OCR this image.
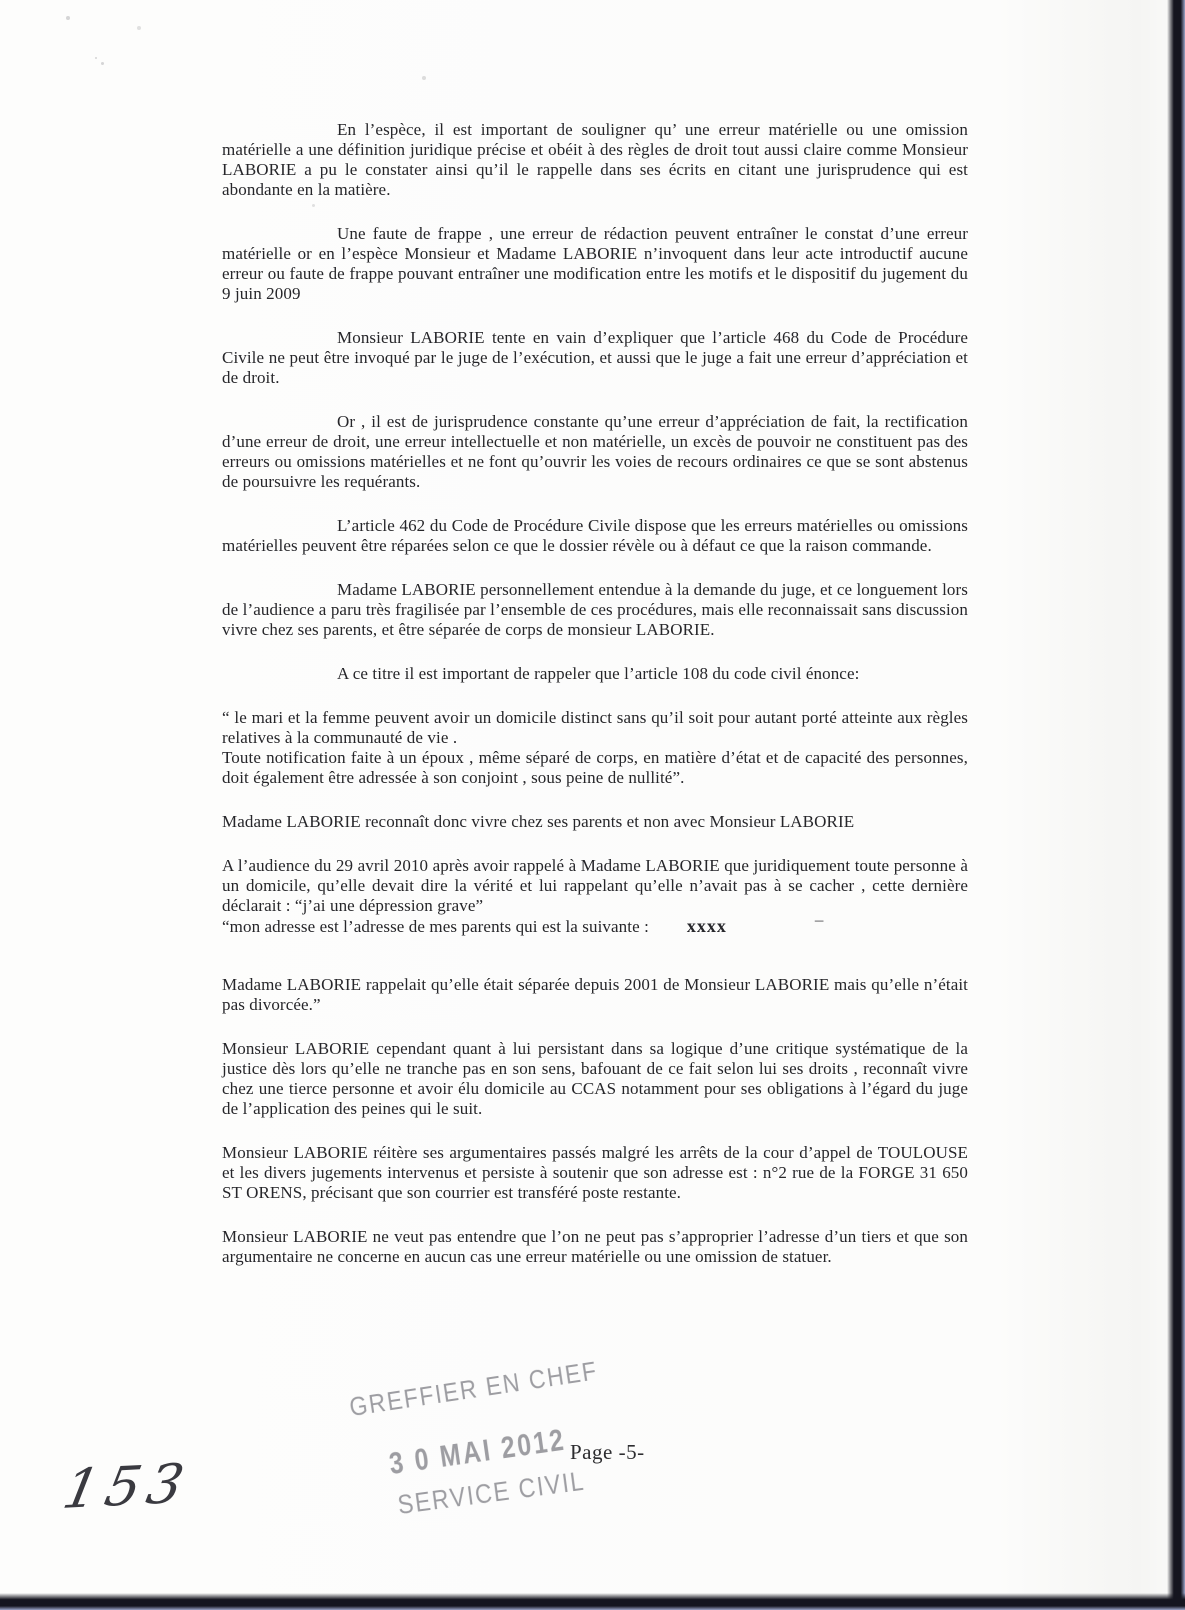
En l’espèce, il est important de souligner qu’ une erreur matérielle ou une omission matérielle a une définition juridique précise et obéit à des règles de droit tout aussi claire comme Monsieur LABORIE a pu le constater ainsi qu’il le rappelle dans ses écrits en citant une jurisprudence qui est abondante en la matière.

Une faute de frappe , une erreur de rédaction peuvent entraîner le constat d’une erreur matérielle or en l’espèce Monsieur et Madame LABORIE n’invoquent dans leur acte introductif aucune erreur ou faute de frappe pouvant entraîner une modification entre les motifs et le dispositif du jugement du 9 juin 2009

Monsieur LABORIE tente en vain d’expliquer que l’article 468 du Code de Procédure Civile ne peut être invoqué par le juge de l’exécution, et aussi que le juge a fait une erreur d’appréciation et de droit.

Or , il est de jurisprudence constante qu’une erreur d’appréciation de fait, la rectification d’une erreur de droit, une erreur intellectuelle et non matérielle, un excès de pouvoir ne constituent pas des erreurs ou omissions matérielles et ne font qu’ouvrir les voies de recours ordinaires ce que se sont abstenus de poursuivre les requérants.

L’article 462 du Code de Procédure Civile dispose que les erreurs matérielles ou omissions matérielles peuvent être réparées selon ce que le dossier révèle ou à défaut ce que la raison commande.

Madame LABORIE personnellement entendue à la demande du juge, et ce longuement lors de l’audience a paru très fragilisée par l’ensemble de ces procédures, mais elle reconnaissait sans discussion vivre chez ses parents, et être séparée de corps de monsieur LABORIE.

A ce titre il est important de rappeler que l’article 108 du code civil énonce:

“ le mari et la femme peuvent avoir un domicile distinct sans qu’il soit pour autant porté atteinte aux règles relatives à la communauté de vie .

Toute notification faite à un époux , même séparé de corps, en matière d’état et de capacité des personnes, doit également être adressée à son conjoint , sous peine de nullité”.

Madame LABORIE reconnaît donc vivre chez ses parents et non avec Monsieur LABORIE

A l’audience du 29 avril 2010 après avoir rappelé à Madame LABORIE que juridiquement toute personne à un domicile, qu’elle devait dire la vérité et lui rappelant qu’elle n’avait pas à se cacher , cette dernière déclarait : “j’ai une dépression grave”

“mon adresse est l’adresse de mes parents qui est la suivante : xxxx	–

Madame LABORIE rappelait qu’elle était séparée depuis 2001 de Monsieur LABORIE mais qu’elle n’était pas divorcée.”

Monsieur LABORIE cependant quant à lui persistant dans sa logique d’une critique systématique de la justice dès lors qu’elle ne tranche pas en son sens, bafouant de ce fait selon lui ses droits , reconnaît vivre chez une tierce personne et avoir élu domicile au CCAS notamment pour ses obligations à l’égard du juge de l’application des peines qui le suit.

Monsieur LABORIE réitère ses argumentaires passés malgré les arrêts de la cour d’appel de TOULOUSE et les divers jugements intervenus et persiste à soutenir que son adresse est : n°2 rue de la FORGE 31 650 ST ORENS, précisant que son courrier est transféré poste restante.

Monsieur LABORIE ne veut pas entendre que l’on ne peut pas s’approprier l’adresse d’un tiers et que son argumentaire ne concerne en aucun cas une erreur matérielle ou une omission de statuer.

GREFFIER EN CHEF
3 0 MAI 2012
SERVICE CIVIL
Page -5-
153
